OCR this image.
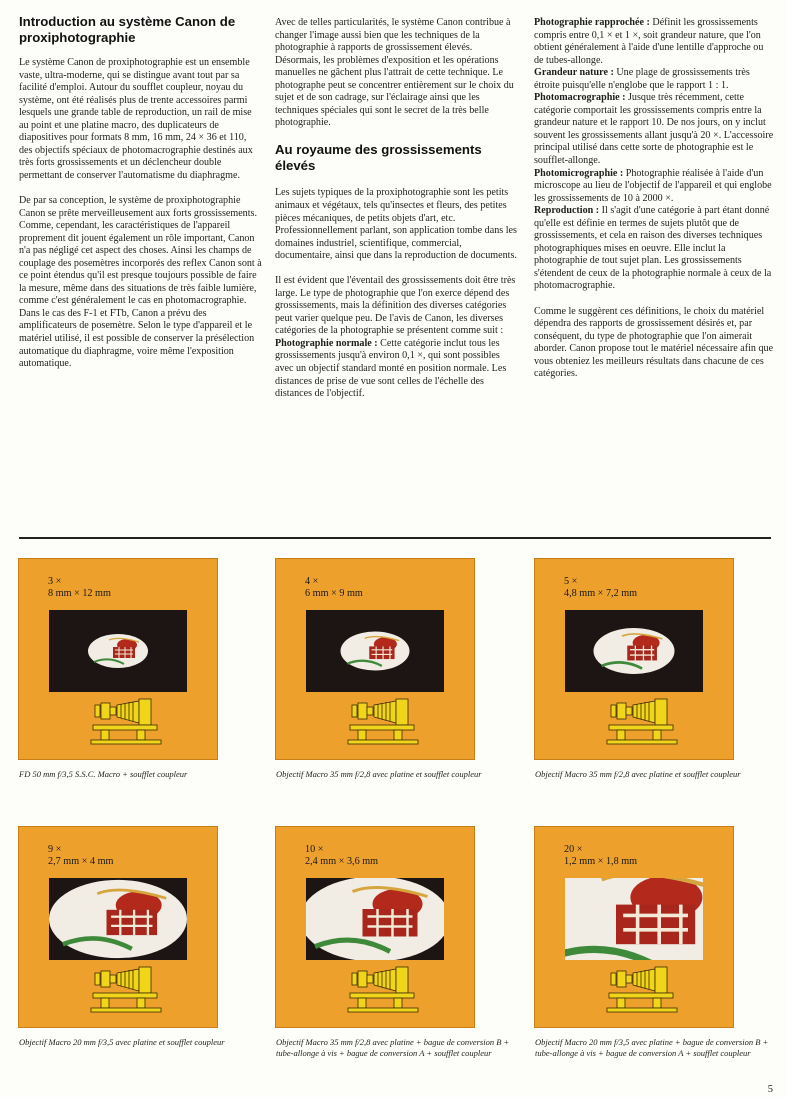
Introduction au système Canon de proxiphotographie

Le système Canon de proxiphotographie est un ensemble vaste, ultra-moderne, qui se distingue avant tout par sa facilité d'emploi. Autour du soufflet coupleur, noyau du système, ont été réalisés plus de trente accessoires parmi lesquels une grande table de reproduction, un rail de mise au point et une platine macro, des duplicateurs de diapositives pour formats 8 mm, 16 mm, 24 × 36 et 110, des objectifs spéciaux de photomacrographie destinés aux très forts grossissements et un déclencheur double permettant de conserver l'automatisme du diaphragme.

De par sa conception, le système de proxiphotographie Canon se prête merveilleusement aux forts grossissements. Comme, cependant, les caractéristiques de l'appareil proprement dit jouent également un rôle important, Canon n'a pas négligé cet aspect des choses. Ainsi les champs de couplage des posemètres incorporés des reflex Canon sont à ce point étendus qu'il est presque toujours possible de faire la mesure, même dans des situations de très faible lumière, comme c'est généralement le cas en photomacrographie. Dans le cas des F-1 et FTb, Canon a prévu des amplificateurs de posemètre. Selon le type d'appareil et le matériel utilisé, il est possible de conserver la présélection automatique du diaphragme, voire même l'exposition automatique.

Avec de telles particularités, le système Canon contribue à changer l'image aussi bien que les techniques de la photographie à rapports de grossissement élevés. Désormais, les problèmes d'exposition et les opérations manuelles ne gâchent plus l'attrait de cette technique. Le photographe peut se concentrer entièrement sur le choix du sujet et de son cadrage, sur l'éclairage ainsi que les techniques spéciales qui sont le secret de la très belle photographie.

Au royaume des grossissements élevés

Les sujets typiques de la proxiphotographie sont les petits animaux et végétaux, tels qu'insectes et fleurs, des petites pièces mécaniques, de petits objets d'art, etc. Professionnellement parlant, son application tombe dans les domaines industriel, scientifique, commercial, documentaire, ainsi que dans la reproduction de documents.

Il est évident que l'éventail des grossissements doit être très large. Le type de photographie que l'on exerce dépend des grossissements, mais la définition des diverses catégories peut varier quelque peu. De l'avis de Canon, les diverses catégories de la photographie se présentent comme suit :
Photographie normale : Cette catégorie inclut tous les grossissements jusqu'à environ 0,1 ×, qui sont possibles avec un objectif standard monté en position normale. Les distances de prise de vue sont celles de l'échelle des distances de l'objectif.

Photographie rapprochée : Définit les grossissements compris entre 0,1 × et 1 ×, soit grandeur nature, que l'on obtient généralement à l'aide d'une lentille d'approche ou de tubes-allonge.

Grandeur nature : Une plage de grossissements très étroite puisqu'elle n'englobe que le rapport 1 : 1.

Photomacrographie : Jusque très récemment, cette catégorie comportait les grossissements compris entre la grandeur nature et le rapport 10. De nos jours, on y inclut souvent les grossissements allant jusqu'à 20 ×. L'accessoire principal utilisé dans cette sorte de photographie est le soufflet-allonge.

Photomicrographie : Photographie réalisée à l'aide d'un microscope au lieu de l'objectif de l'appareil et qui englobe les grossissements de 10 à 2000 ×.

Reproduction : Il s'agit d'une catégorie à part étant donné qu'elle est définie en termes de sujets plutôt que de grossissements, et cela en raison des diverses techniques photographiques mises en oeuvre. Elle inclut la photographie de tout sujet plan. Les grossissements s'étendent de ceux de la photographie normale à ceux de la photomacrographie.

Comme le suggèrent ces définitions, le choix du matériel dépendra des rapports de grossissement désirés et, par conséquent, du type de photographie que l'on aimerait aborder. Canon propose tout le matériel nécessaire afin que vous obteniez les meilleurs résultats dans chacune de ces catégories.

3 ×
8 mm × 12 mm
FD 50 mm f/3,5 S.S.C. Macro + soufflet coupleur
4 ×
6 mm × 9 mm
Objectif Macro 35 mm f/2,8 avec platine et soufflet coupleur
5 ×
4,8 mm × 7,2 mm
Objectif Macro 35 mm f/2,8 avec platine et soufflet coupleur
9 ×
2,7 mm × 4 mm
Objectif Macro 20 mm f/3,5 avec platine et soufflet coupleur
10 ×
2,4 mm × 3,6 mm
Objectif Macro 35 mm f/2,8 avec platine + bague de conversion B + tube-allonge à vis + bague de conversion A + soufflet coupleur
20 ×
1,2 mm × 1,8 mm
Objectif Macro 20 mm f/3,5 avec platine + bague de conversion B + tube-allonge à vis + bague de conversion A + soufflet coupleur
5
